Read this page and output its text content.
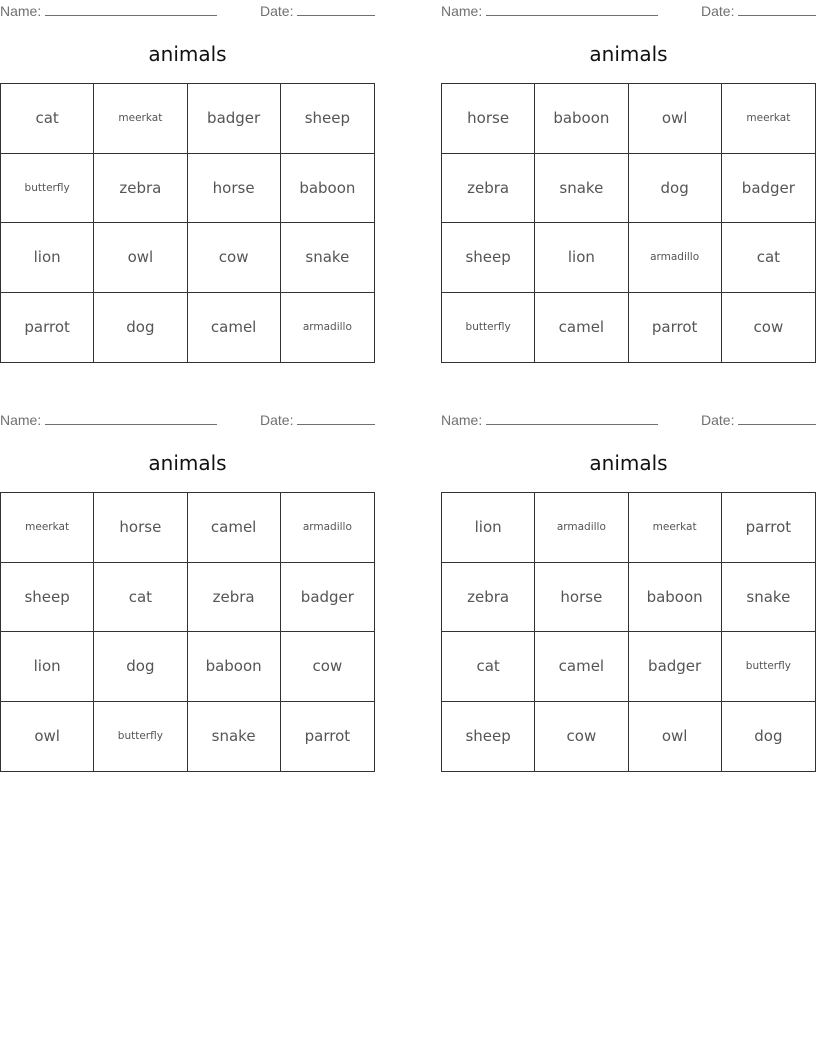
Name:	Date:
animals
cat	meerkat	badger	sheep
butterfly	zebra	horse	baboon
lion	owl	cow	snake
parrot	dog	camel	armadillo
Name:	Date:
animals
horse	baboon	owl	meerkat
zebra	snake	dog	badger
sheep	lion	armadillo	cat
butterfly	camel	parrot	cow
Name:	Date:
animals
meerkat	horse	camel	armadillo
sheep	cat	zebra	badger
lion	dog	baboon	cow
owl	butterfly	snake	parrot
Name:	Date:
animals
lion	armadillo	meerkat	parrot
zebra	horse	baboon	snake
cat	camel	badger	butterfly
sheep	cow	owl	dog
